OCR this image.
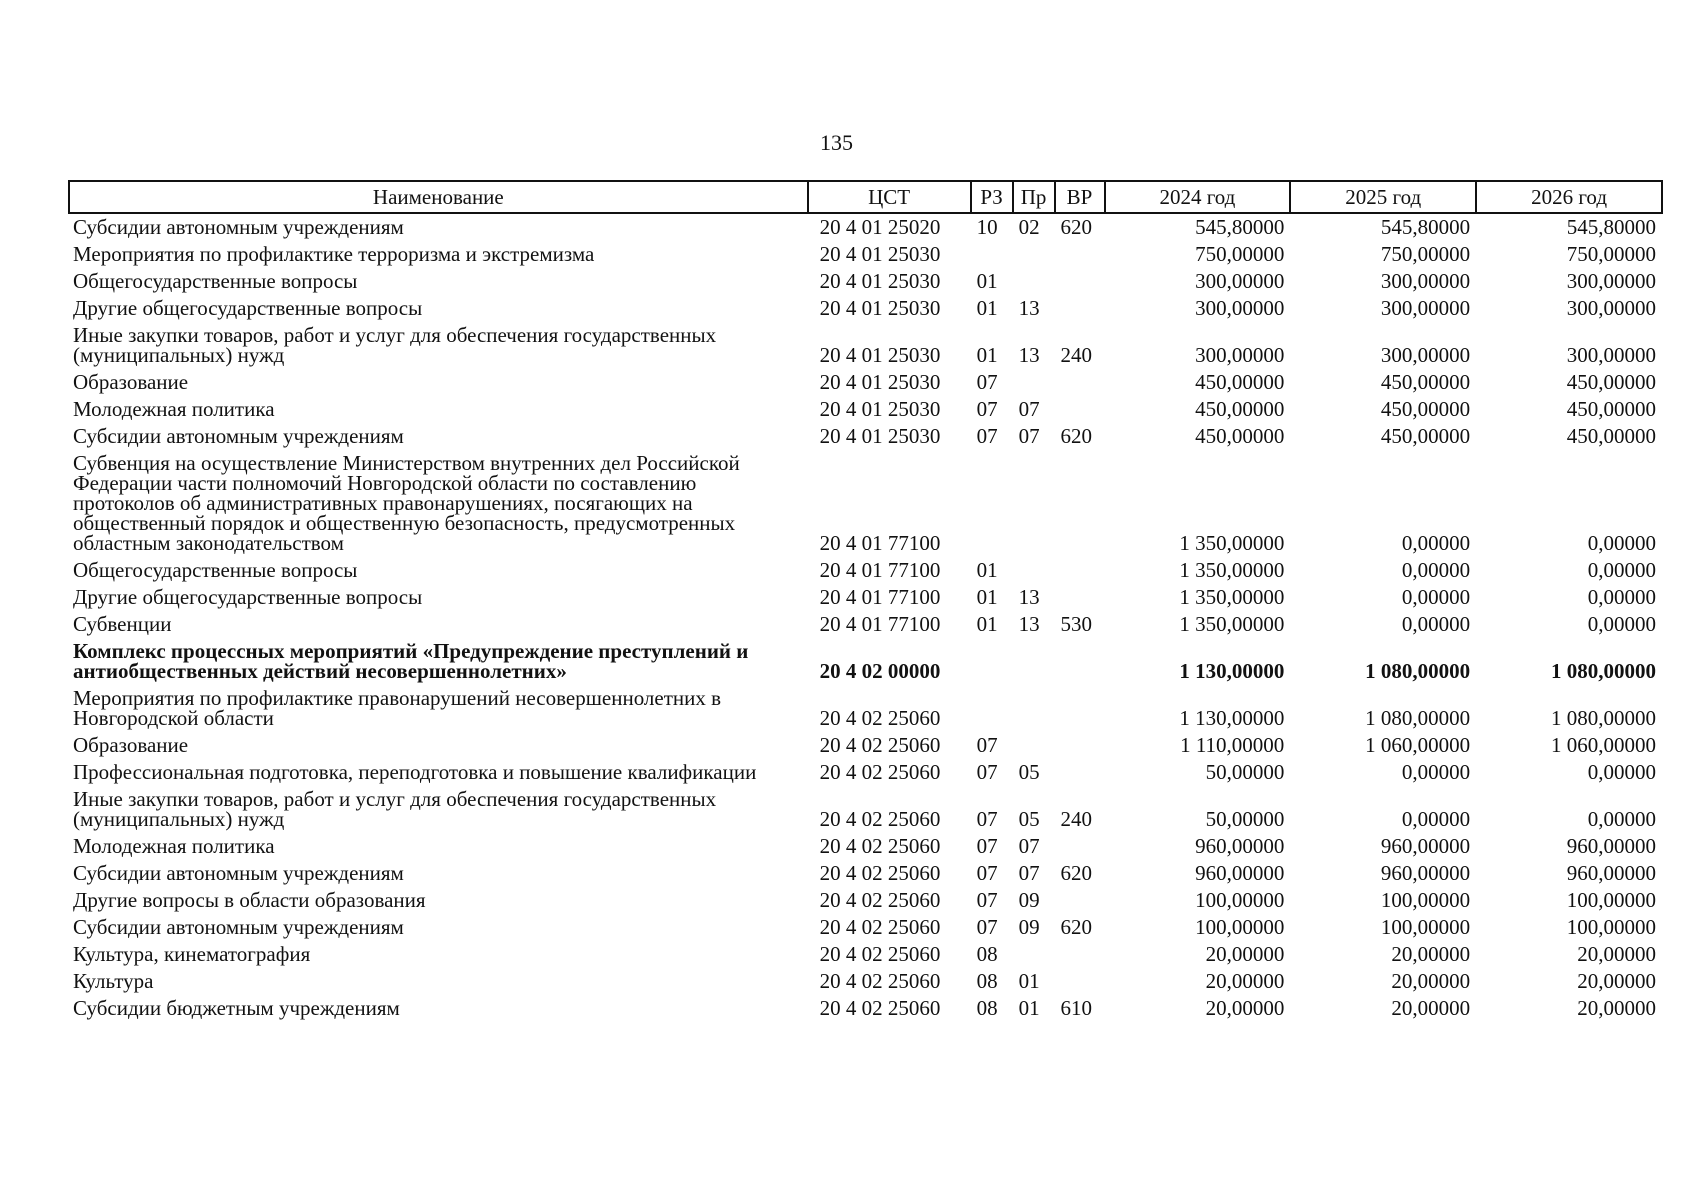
135
Наименование	ЦСТ	РЗ	Пр	ВР	2024 год	2025 год	2026 год
Субсидии автономным учреждениям	20 4 01 25020	10	02	620	545,80000	545,80000	545,80000
Мероприятия по профилактике терроризма и экстремизма	20 4 01 25030				750,00000	750,00000	750,00000
Общегосударственные вопросы	20 4 01 25030	01			300,00000	300,00000	300,00000
Другие общегосударственные вопросы	20 4 01 25030	01	13		300,00000	300,00000	300,00000
Иные закупки товаров, работ и услуг для обеспечения государственных (муниципальных) нужд	20 4 01 25030	01	13	240	300,00000	300,00000	300,00000
Образование	20 4 01 25030	07			450,00000	450,00000	450,00000
Молодежная политика	20 4 01 25030	07	07		450,00000	450,00000	450,00000
Субсидии автономным учреждениям	20 4 01 25030	07	07	620	450,00000	450,00000	450,00000
Субвенция на осуществление Министерством внутренних дел Российской Федерации части полномочий Новгородской области по составлению протоколов об административных правонарушениях, посягающих на общественный порядок и общественную безопасность, предусмотренных областным законодательством	20 4 01 77100				1 350,00000	0,00000	0,00000
Общегосударственные вопросы	20 4 01 77100	01			1 350,00000	0,00000	0,00000
Другие общегосударственные вопросы	20 4 01 77100	01	13		1 350,00000	0,00000	0,00000
Субвенции	20 4 01 77100	01	13	530	1 350,00000	0,00000	0,00000
Комплекс процессных мероприятий «Предупреждение преступлений и антиобщественных действий несовершеннолетних»	20 4 02 00000				1 130,00000	1 080,00000	1 080,00000
Мероприятия по профилактике правонарушений несовершеннолетних в Новгородской области	20 4 02 25060				1 130,00000	1 080,00000	1 080,00000
Образование	20 4 02 25060	07			1 110,00000	1 060,00000	1 060,00000
Профессиональная подготовка, переподготовка и повышение квалификации	20 4 02 25060	07	05		50,00000	0,00000	0,00000
Иные закупки товаров, работ и услуг для обеспечения государственных (муниципальных) нужд	20 4 02 25060	07	05	240	50,00000	0,00000	0,00000
Молодежная политика	20 4 02 25060	07	07		960,00000	960,00000	960,00000
Субсидии автономным учреждениям	20 4 02 25060	07	07	620	960,00000	960,00000	960,00000
Другие вопросы в области образования	20 4 02 25060	07	09		100,00000	100,00000	100,00000
Субсидии автономным учреждениям	20 4 02 25060	07	09	620	100,00000	100,00000	100,00000
Культура, кинематография	20 4 02 25060	08			20,00000	20,00000	20,00000
Культура	20 4 02 25060	08	01		20,00000	20,00000	20,00000
Субсидии бюджетным учреждениям	20 4 02 25060	08	01	610	20,00000	20,00000	20,00000
